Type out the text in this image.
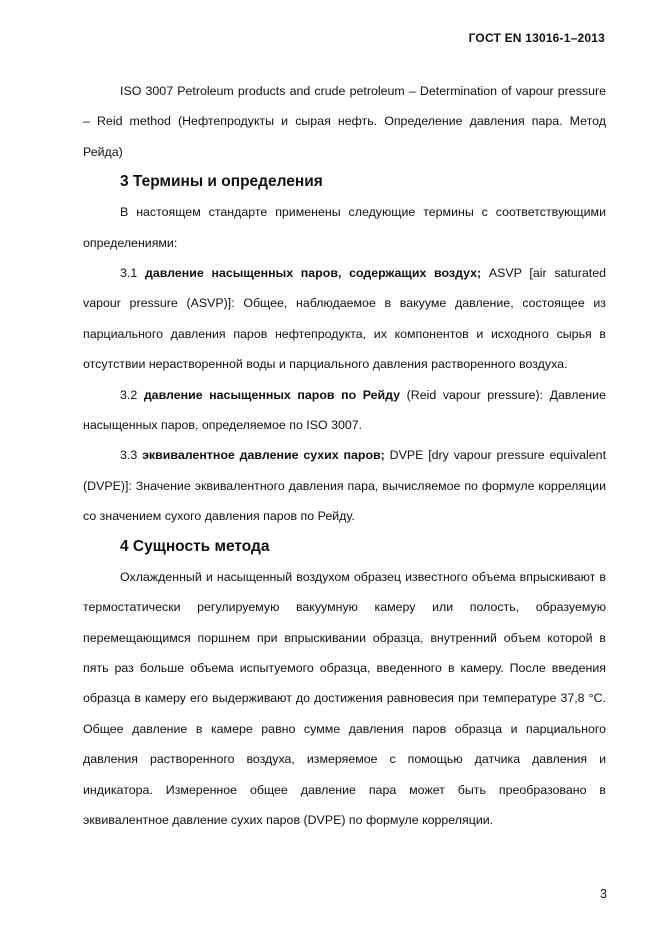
ГОСТ EN 13016-1–2013

ISO 3007 Petroleum products and crude petroleum – Determination of vapour pressure – Reid method (Нефтепродукты и сырая нефть. Определение давления пара. Метод Рейда)

3 Термины и определения

В настоящем стандарте применены следующие термины с соответствующими определениями:

3.1 давление насыщенных паров, содержащих воздух; ASVP [air saturated vapour pressure (ASVP)]: Общее, наблюдаемое в вакууме давление, состоящее из парциального давления паров нефтепродукта, их компонентов и исходного сырья в отсутствии нерастворенной воды и парциального давления растворенного воздуха.

3.2 давление насыщенных паров по Рейду (Reid vapour pressure): Давление насыщенных паров, определяемое по ISO 3007.

3.3 эквивалентное давление сухих паров; DVPE [dry vapour pressure equivalent (DVPE)]: Значение эквивалентного давления пара, вычисляемое по формуле корреляции со значением сухого давления паров по Рейду.

4 Сущность метода

Охлажденный и насыщенный воздухом образец известного объема впрыскивают в термостатически регулируемую вакуумную камеру или полость, образуемую перемещающимся поршнем при впрыскивании образца, внутренний объем которой в пять раз больше объема испытуемого образца, введенного в камеру. После введения образца в камеру его выдерживают до достижения равновесия при температуре 37,8 °С. Общее давление в камере равно сумме давления паров образца и парциального давления растворенного воздуха, измеряемое с помощью датчика давления и индикатора. Измеренное общее давление пара может быть преобразовано в эквивалентное давление сухих паров (DVPE) по формуле корреляции.

3
